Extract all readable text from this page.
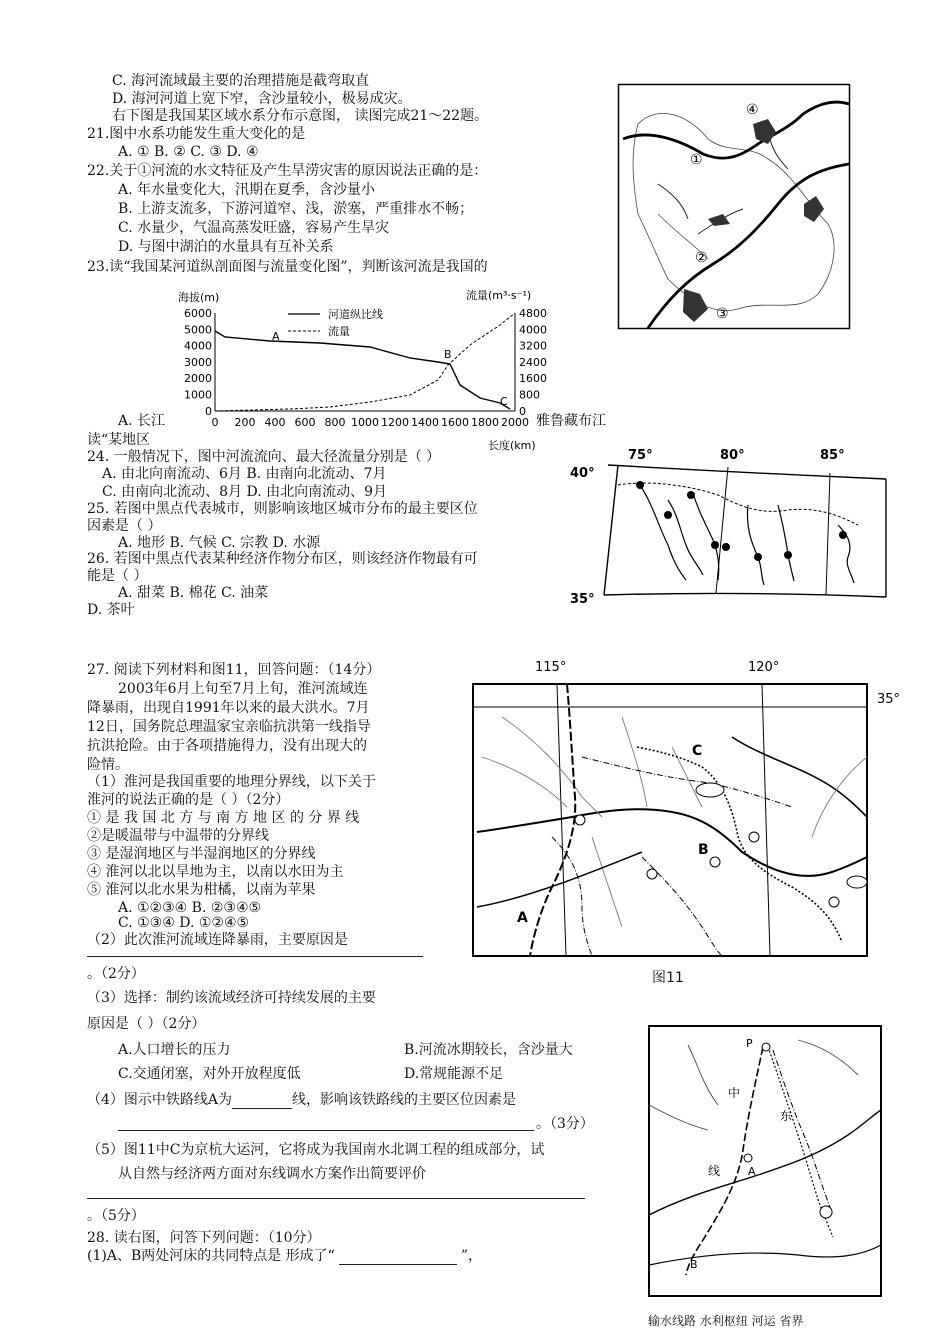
C. 海河流域最主要的治理措施是截弯取直
D. 海河河道上宽下窄，含沙量较小，极易成灾。
右下图是我国某区域水系分布示意图， 读图完成21～22题。
21.图中水系功能发生重大变化的是
A. ① B. ② C. ③ D. ④
22.关于①河流的水文特征及产生旱涝灾害的原因说法正确的是：
A. 年水量变化大，汛期在夏季，含沙量小
B. 上游支流多，下游河道窄、浅，淤塞，严重排水不畅；
C. 水量少，气温高蒸发旺盛，容易产生旱灾
D. 与图中湖泊的水量具有互补关系
23.读“我国某河道纵剖面图与流量变化图”，判断该河流是我国的
①
②
③
④
海拔(m)	流量(m³·s⁻¹)
6000
5000
4000
3000
2000
1000
0
4800
4000
3200
2400
1600
800
0
0 200 400 600 800 1000 1200 1400 1600 1800 2000
河道纵比线
流量
A
B
C
长度(km)
A. 长江	雅鲁藏布江
读“某地区
24. 一般情况下，图中河流流向、最大径流量分别是（ ）
A. 由北向南流动、6月 B. 由南向北流动、7月
C. 由南向北流动、8月 D. 由北向南流动、9月
25. 若图中黑点代表城市，则影响该地区城市分布的最主要区位
因素是（ ）
A. 地形 B. 气候 C. 宗教 D. 水源
26. 若图中黑点代表某种经济作物分布区，则该经济作物最有可
能是（ ）
A. 甜菜 B. 棉花 C. 油菜
D. 茶叶
75°	80°	85°
40°
35°
27. 阅读下列材料和图11，回答问题：（14分）
2003年6月上旬至7月上旬，淮河流域连
降暴雨，出现自1991年以来的最大洪水。7月
12日，国务院总理温家宝亲临抗洪第一线指导
抗洪抢险。由于各项措施得力，没有出现大的
险情。
（1）淮河是我国重要的地理分界线，以下关于
淮河的说法正确的是（ ）（2分）
① 是 我 国 北 方 与 南 方 地 区 的 分 界 线
②是暖温带与中温带的分界线
③ 是湿润地区与半湿润地区的分界线
④ 淮河以北以旱地为主，以南以水田为主
⑤ 淮河以北水果为柑橘，以南为苹果
A. ①②③④ B. ②③④⑤
C. ①③④ D. ①②④⑤
（2）此次淮河流域连降暴雨，主要原因是
。（2分）
（3）选择：制约该流域经济可持续发展的主要
原因是（ ）（2分）
A.人口增长的压力	B.河流冰期较长，含沙量大
C.交通闭塞，对外开放程度低	D.常规能源不足
（4）图示中铁路线A为	线，影响该铁路线的主要区位因素是
。（3分）
（5）图11中C为京杭大运河，它将成为我国南水北调工程的组成部分，试
从自然与经济两方面对东线调水方案作出简要评价
。（5分）
28. 读右图，问答下列问题：（10分）
(1)A、B两处河床的共同特点是 形成了“	”，
115°	120°
35°
A
B
C
图11
P
A
B
中
线
东
输水线路 水利枢纽 河运 省界
